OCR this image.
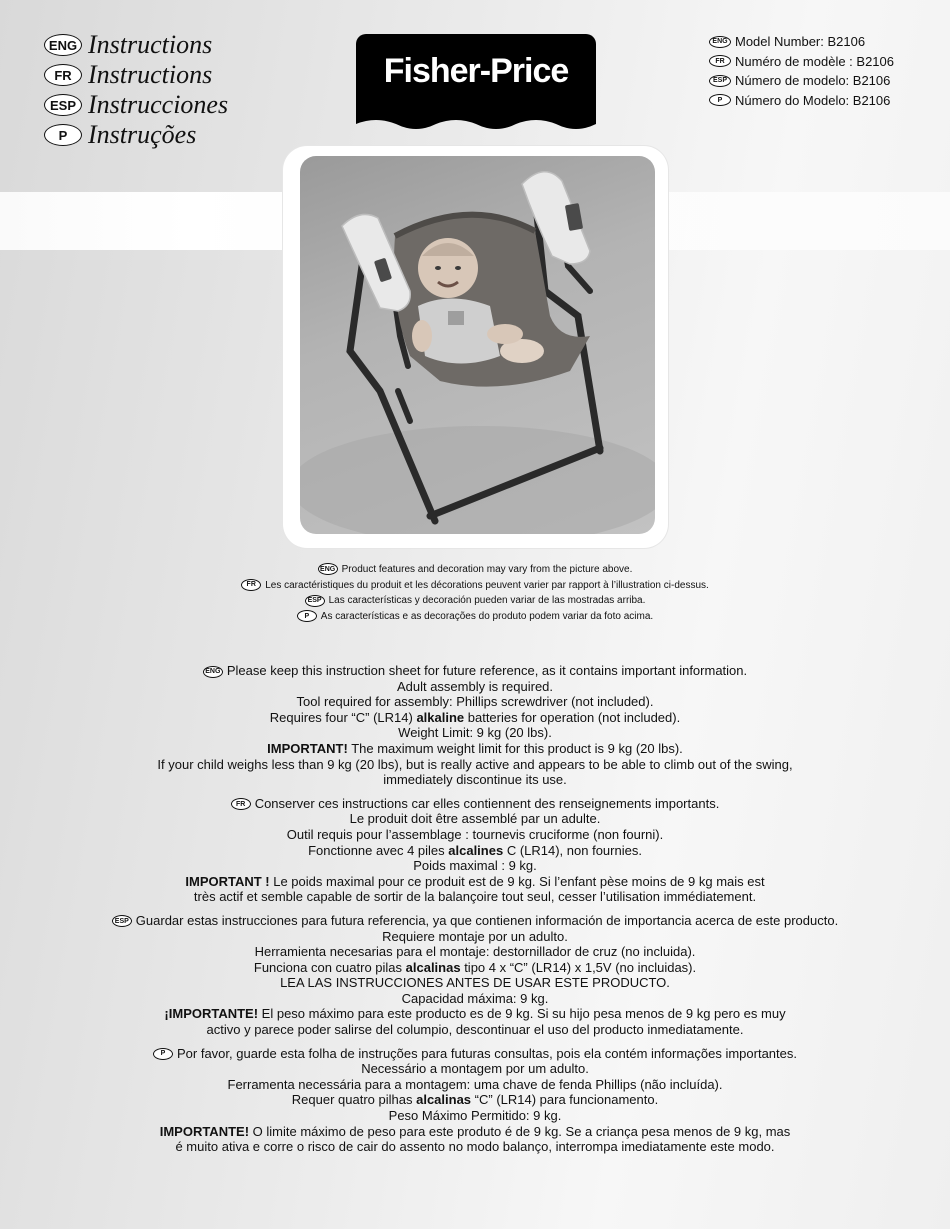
ENG Instructions
FR Instructions
ESP Instrucciones
P Instruções
Fisher-Price
ENG Model Number: B2106
FR Numéro de modèle : B2106
ESP Número de modelo: B2106
P Número do Modelo: B2106
ENG Product features and decoration may vary from the picture above.
FR Les caractéristiques du produit et les décorations peuvent varier par rapport à l’illustration ci-dessus.
ESP Las características y decoración pueden variar de las mostradas arriba.
P As características e as decorações do produto podem variar da foto acima.
ENG Please keep this instruction sheet for future reference, as it contains important information.
Adult assembly is required.
Tool required for assembly: Phillips screwdriver (not included).
Requires four “C” (LR14) alkaline batteries for operation (not included).
Weight Limit: 9 kg (20 lbs).
IMPORTANT! The maximum weight limit for this product is 9 kg (20 lbs).
If your child weighs less than 9 kg (20 lbs), but is really active and appears to be able to climb out of the swing,
immediately discontinue its use.
FR Conserver ces instructions car elles contiennent des renseignements importants.
Le produit doit être assemblé par un adulte.
Outil requis pour l’assemblage : tournevis cruciforme (non fourni).
Fonctionne avec 4 piles alcalines C (LR14), non fournies.
Poids maximal : 9 kg.
IMPORTANT ! Le poids maximal pour ce produit est de 9 kg. Si l’enfant pèse moins de 9 kg mais est
très actif et semble capable de sortir de la balançoire tout seul, cesser l’utilisation immédiatement.
ESP Guardar estas instrucciones para futura referencia, ya que contienen información de importancia acerca de este producto.
Requiere montaje por un adulto.
Herramienta necesarias para el montaje: destornillador de cruz (no incluida).
Funciona con cuatro pilas alcalinas tipo 4 x “C” (LR14) x 1,5V (no incluidas).
LEA LAS INSTRUCCIONES ANTES DE USAR ESTE PRODUCTO.
Capacidad máxima: 9 kg.
¡IMPORTANTE! El peso máximo para este producto es de 9 kg. Si su hijo pesa menos de 9 kg pero es muy
activo y parece poder salirse del columpio, descontinuar el uso del producto inmediatamente.
P Por favor, guarde esta folha de instruções para futuras consultas, pois ela contém informações importantes.
Necessário a montagem por um adulto.
Ferramenta necessária para a montagem: uma chave de fenda Phillips (não incluída).
Requer quatro pilhas alcalinas “C” (LR14) para funcionamento.
Peso Máximo Permitido: 9 kg.
IMPORTANTE! O limite máximo de peso para este produto é de 9 kg. Se a criança pesa menos de 9 kg, mas
é muito ativa e corre o risco de cair do assento no modo balanço, interrompa imediatamente este modo.
